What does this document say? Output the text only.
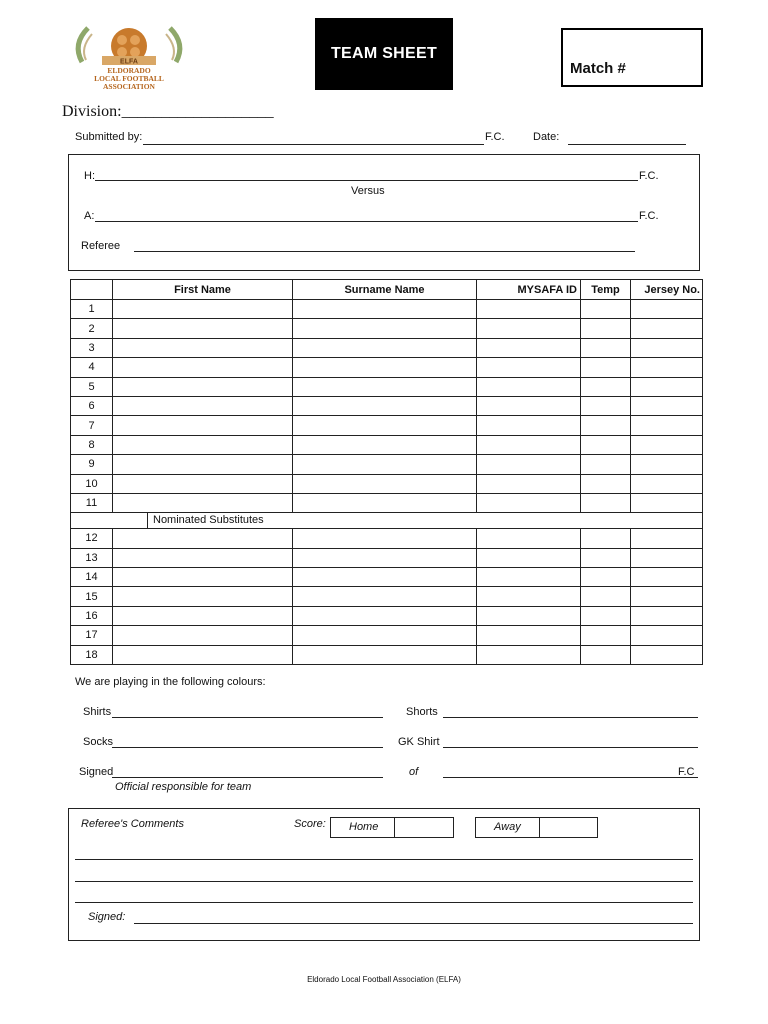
ELFA
ELDORADO
LOCAL FOOTBALL
ASSOCIATION
TEAM SHEET
Match #
Division:___________________
Submitted by:	F.C.	Date:
H:	F.C.
Versus
A:	F.C.
Referee
	First Name	Surname Name	MYSAFA ID	Temp	Jersey No.
1					
2					
3					
4					
5					
6					
7					
8					
9					
10					
11					
Nominated Substitutes					
12					
13					
14					
15					
16					
17					
18					
We are playing in the following colours:
Shirts	Shorts
Socks	GK Shirt
Signed	of	F.C
Official responsible for team
Referee's Comments	Score:	Home	Away
Signed:
Eldorado Local Football Association (ELFA)
